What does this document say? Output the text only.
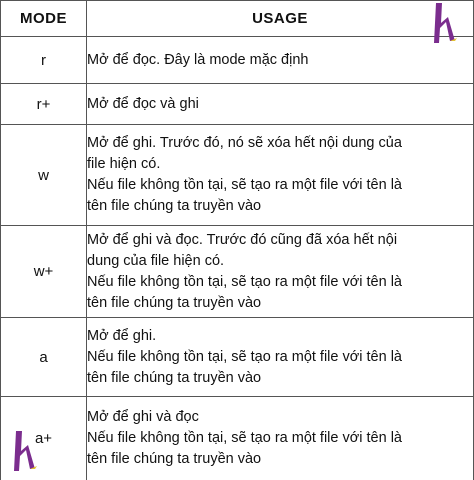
MODE	USAGE
r	Mở để đọc. Đây là mode mặc định

r+	Mở để đọc và ghi

w	Mở để ghi. Trước đó, nó sẽ xóa hết nội dung của
file hiện có.
Nếu file không tồn tại, sẽ tạo ra một file với tên là
tên file chúng ta truyền vào

w+	Mở để ghi và đọc. Trước đó cũng đã xóa hết nội
dung của file hiện có.
Nếu file không tồn tại, sẽ tạo ra một file với tên là
tên file chúng ta truyền vào

a	Mở để ghi.
Nếu file không tồn tại, sẽ tạo ra một file với tên là
tên file chúng ta truyền vào

a+	Mở để ghi và đọc
Nếu file không tồn tại, sẽ tạo ra một file với tên là
tên file chúng ta truyền vào
